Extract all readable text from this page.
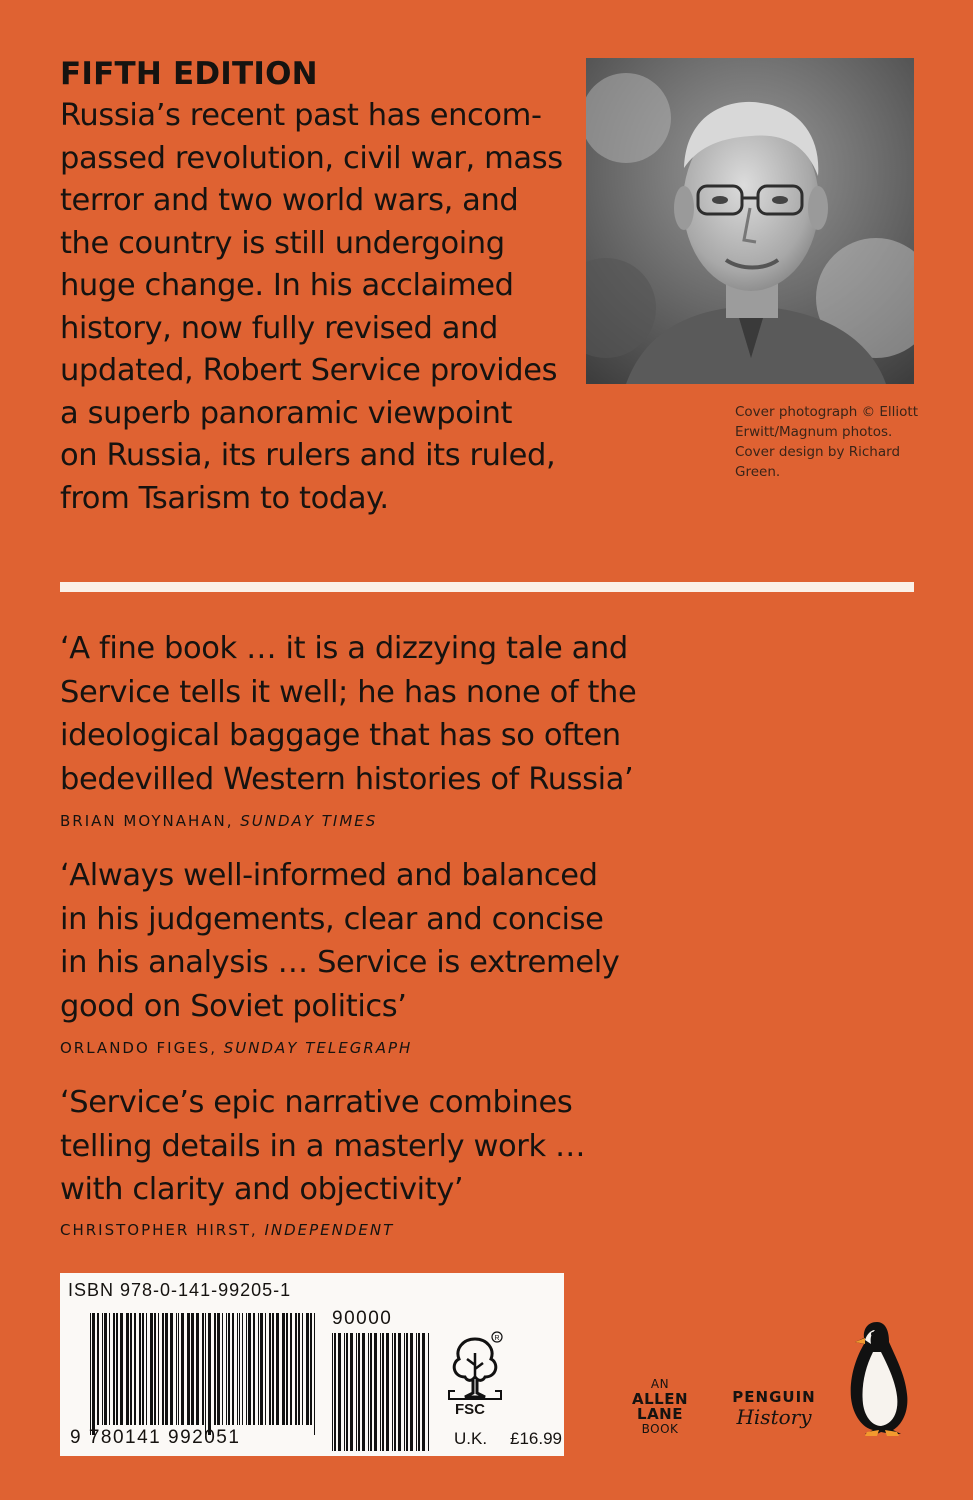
FIFTH EDITION

Russia’s recent past has encom-
passed revolution, civil war, mass
terror and two world wars, and
the country is still undergoing
huge change. In his acclaimed
history, now fully revised and
updated, Robert Service provides
a superb panoramic viewpoint
on Russia, its rulers and its ruled,
from Tsarism to today.

Cover photograph © Elliott
Erwitt/Magnum photos.
Cover design by Richard
Green.

‘A fine book … it is a dizzying tale and
Service tells it well; he has none of the
ideological baggage that has so often
bedevilled Western histories of Russia’

BRIAN MOYNAHAN, SUNDAY TIMES

‘Always well-informed and balanced
in his judgements, clear and concise
in his analysis … Service is extremely
good on Soviet politics’

ORLANDO FIGES, SUNDAY TELEGRAPH

‘Service’s epic narrative combines
telling details in a masterly work …
with clarity and objectivity’

CHRISTOPHER HIRST, INDEPENDENT
ISBN 978-0-141-99205-1
9 780141 992051
90000
R
FSC
U.K. £16.99
AN
ALLEN
LANE
BOOK
PENGUIN
History
